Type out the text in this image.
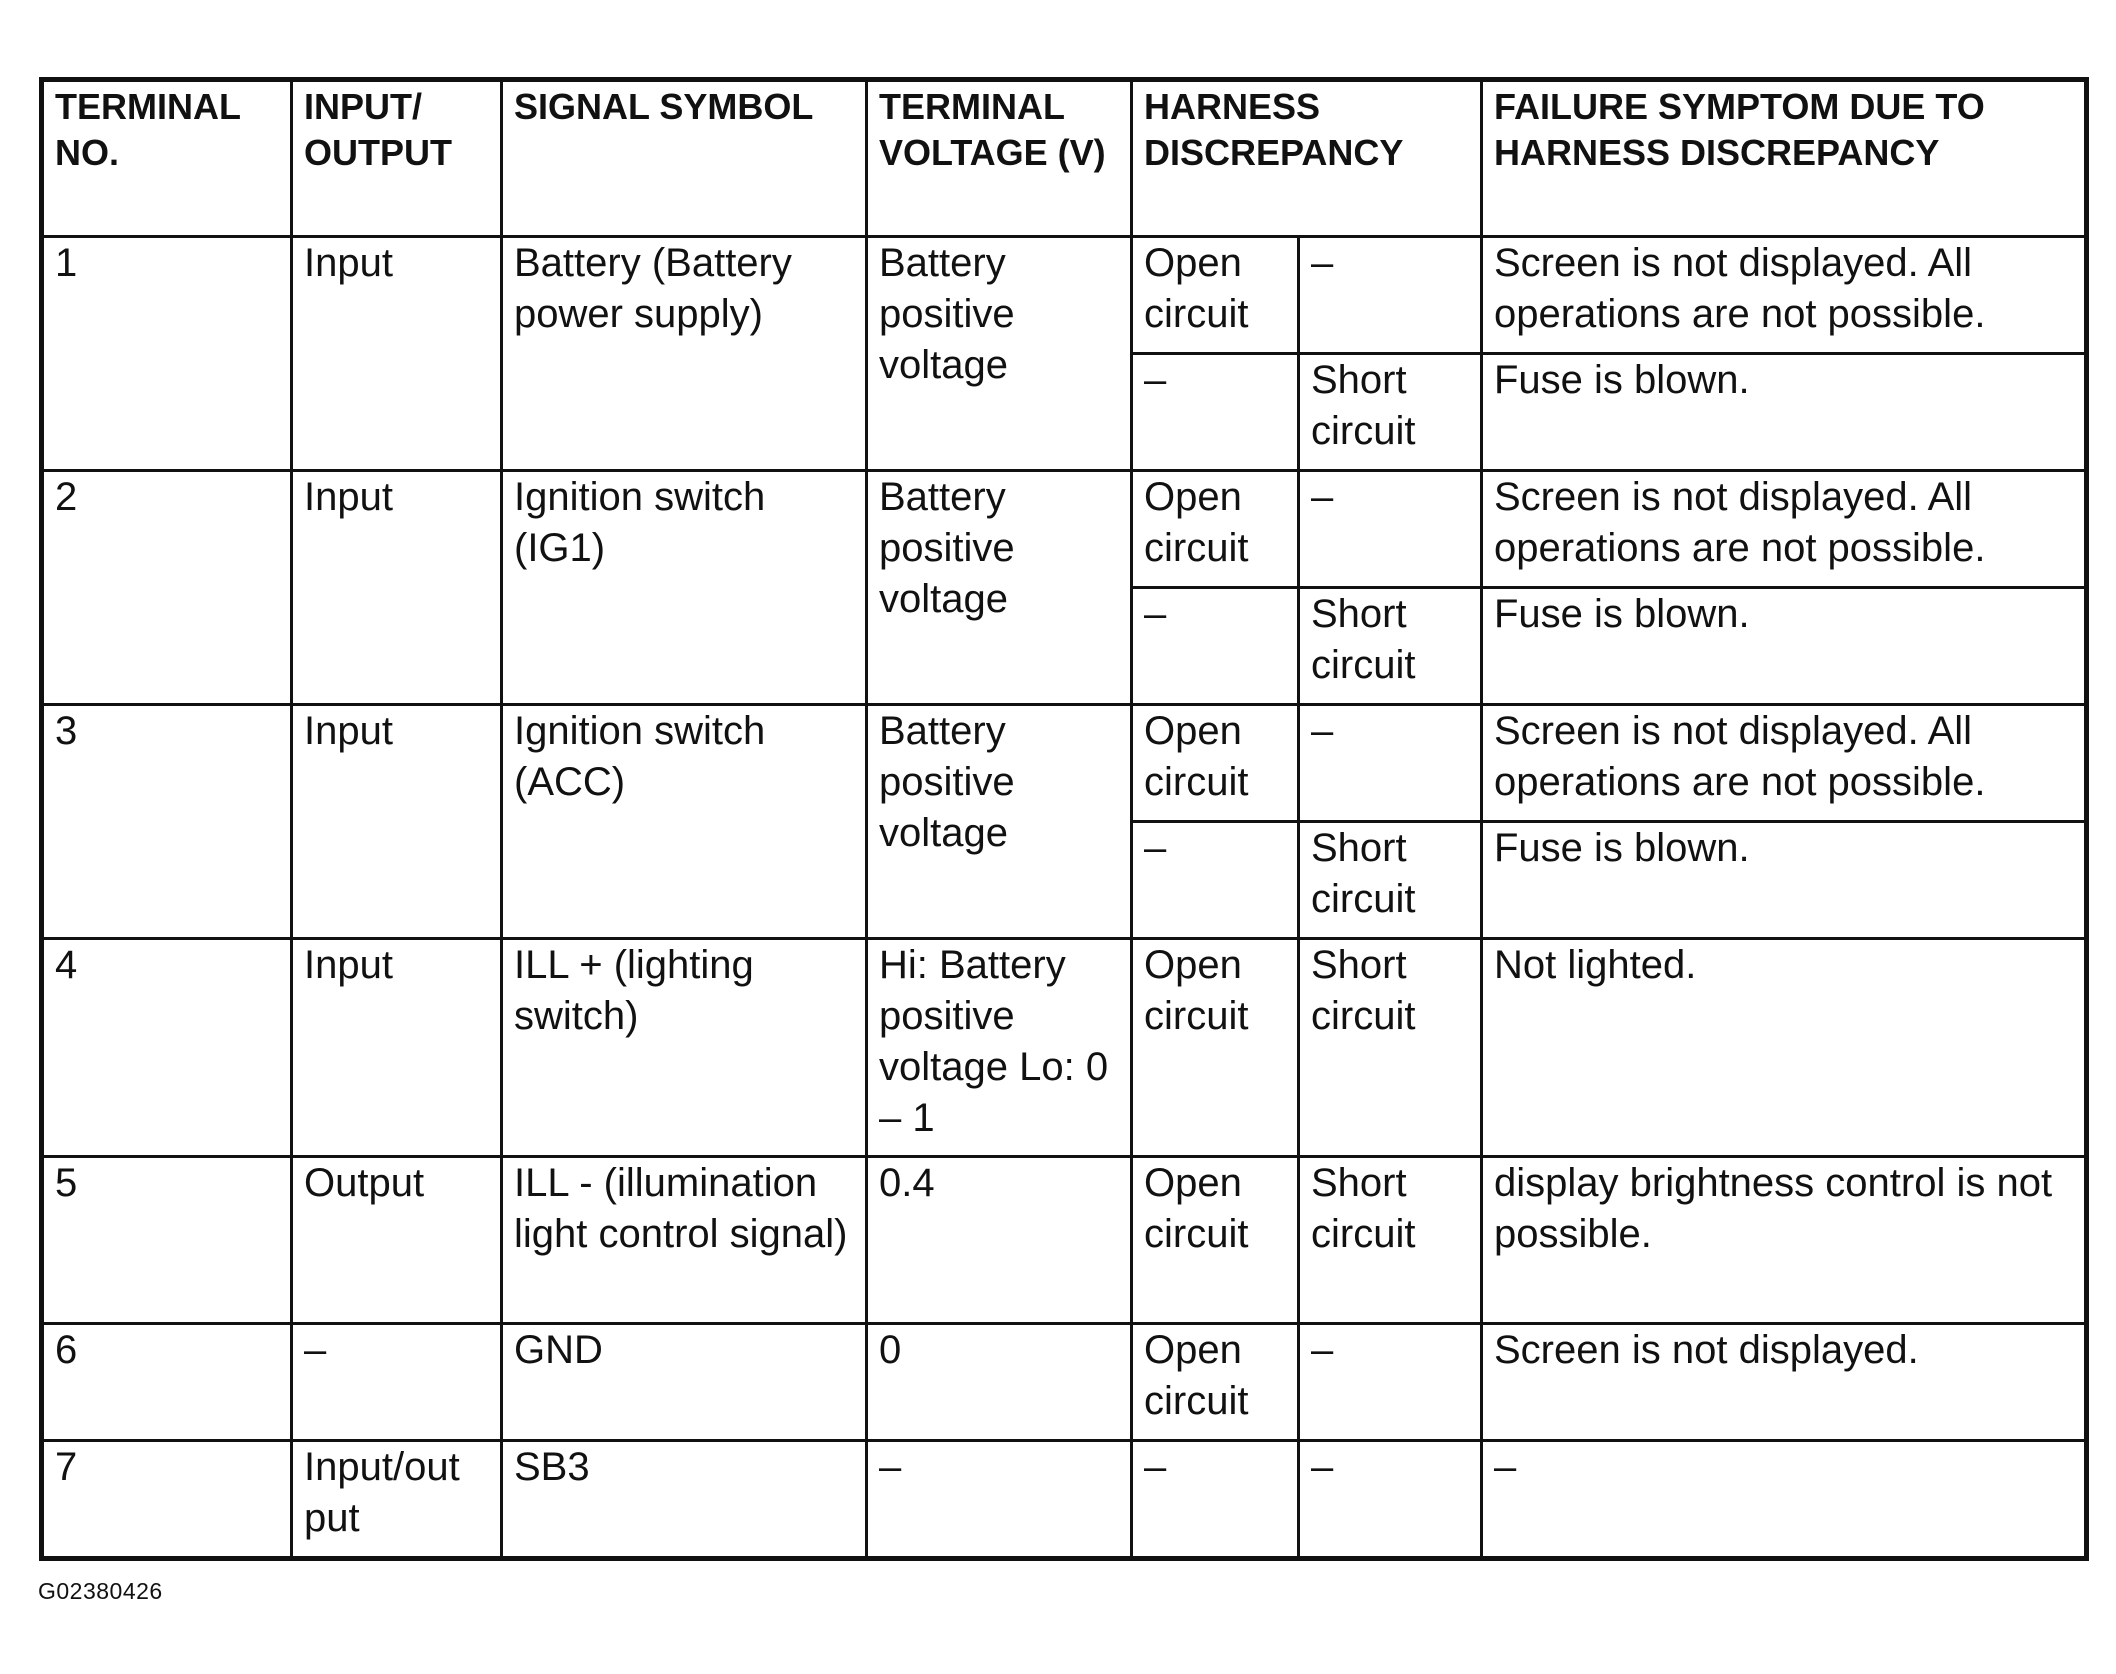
TERMINAL NO.	INPUT/ OUTPUT	SIGNAL SYMBOL	TERMINAL VOLTAGE (V)	HARNESS DISCREPANCY		FAILURE SYMPTOM DUE TO HARNESS DISCREPANCY
1	Input	Battery (Battery power supply)	Battery positive voltage	Open circuit	–	Screen is not displayed. All operations are not possible.
				–	Short circuit	Fuse is blown.
2	Input	Ignition switch (IG1)	Battery positive voltage	Open circuit	–	Screen is not displayed. All operations are not possible.
				–	Short circuit	Fuse is blown.
3	Input	Ignition switch (ACC)	Battery positive voltage	Open circuit	–	Screen is not displayed. All operations are not possible.
				–	Short circuit	Fuse is blown.
4	Input	ILL + (lighting switch)	Hi: Battery positive voltage Lo: 0 – 1	Open circuit	Short circuit	Not lighted.
5	Output	ILL - (illumination light control signal)	0.4	Open circuit	Short circuit	display brightness control is not possible.
6	–	GND	0	Open circuit	–	Screen is not displayed.
7	Input/out put	SB3	–	–	–	–
G02380426
